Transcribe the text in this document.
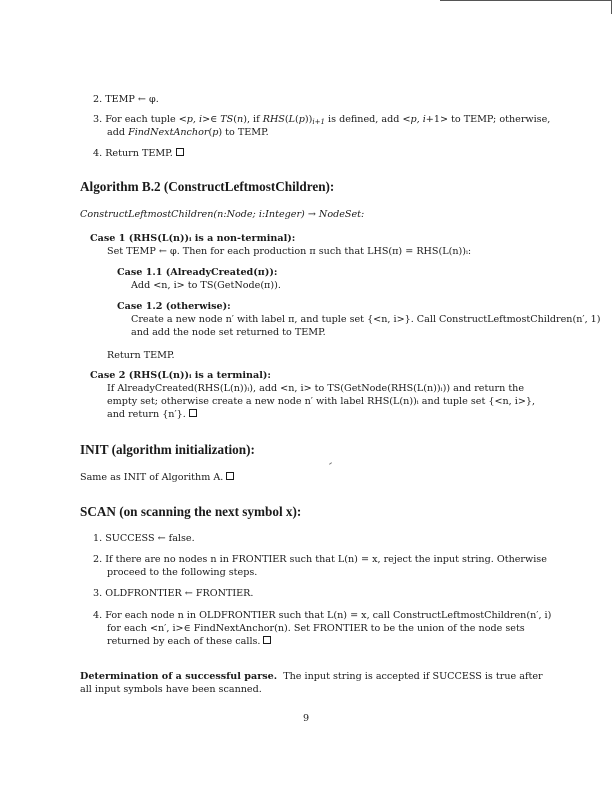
2. TEMP ← φ.
3. For each tuple <p, i>∈ TS(n), if $RHS(L(p))_{i+1}$ is defined, add <p, i+1> to TEMP; otherwise,
add FindNextAnchor(p) to TEMP.
4. Return TEMP.
Algorithm B.2 (ConstructLeftmostChildren):
ConstructLeftmostChildren(n:Node; i:Integer) → NodeSet:
Case 1 (RHS(L(n))ᵢ is a non-terminal):
Set TEMP ← φ. Then for each production π such that LHS(π) = RHS(L(n))ᵢ:
Case 1.1 (AlreadyCreated(π)):
Add <n, i> to TS(GetNode(π)).
Case 1.2 (otherwise):
Create a new node n′ with label π, and tuple set {<n, i>}. Call ConstructLeftmostChildren(n′, 1)
and add the node set returned to TEMP.
Return TEMP.
Case 2 (RHS(L(n))ᵢ is a terminal):
If AlreadyCreated(RHS(L(n))ᵢ), add <n, i> to TS(GetNode(RHS(L(n))ᵢ)) and return the
empty set; otherwise create a new node n′ with label RHS(L(n))ᵢ and tuple set {<n, i>},
and return {n′}.
INIT (algorithm initialization):
Same as INIT of Algorithm A.
SCAN (on scanning the next symbol x):
1. SUCCESS ← false.
2. If there are no nodes n in FRONTIER such that L(n) = x, reject the input string. Otherwise
proceed to the following steps.
3. OLDFRONTIER ← FRONTIER.
4. For each node n in OLDFRONTIER such that L(n) = x, call ConstructLeftmostChildren(n′, i)
for each <n′, i>∈ FindNextAnchor(n). Set FRONTIER to be the union of the node sets
returned by each of these calls.
Determination of a successful parse. The input string is accepted if SUCCESS is true after
all input symbols have been scanned.
9
